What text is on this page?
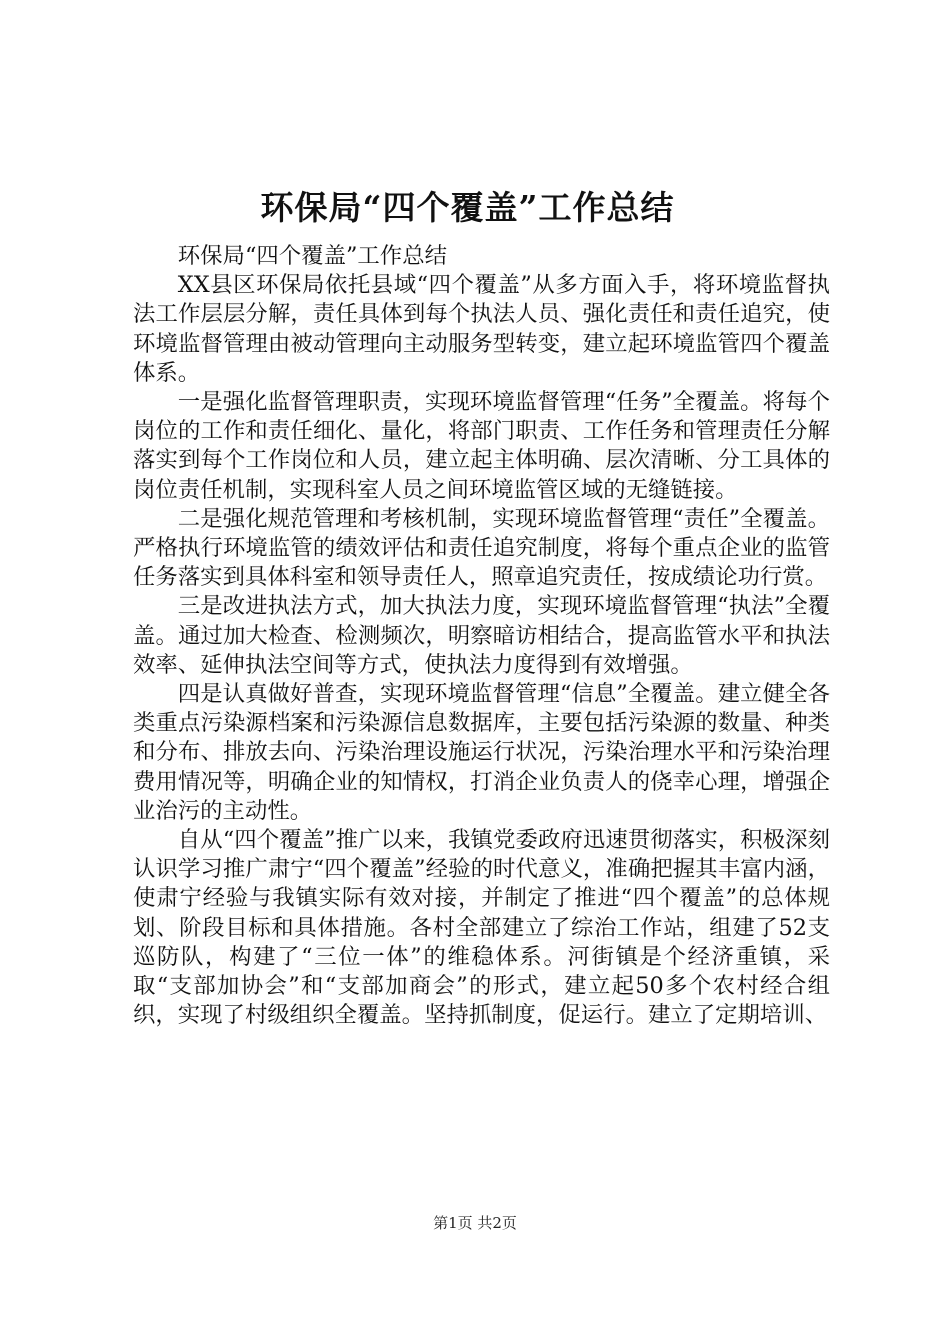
环保局“四个覆盖”工作总结

环保局“四个覆盖”工作总结

XX县区环保局依托县域“四个覆盖”从多方面入手，将环境监督执法工作层层分解，责任具体到每个执法人员、强化责任和责任追究，使环境监督管理由被动管理向主动服务型转变，建立起环境监管四个覆盖体系。

一是强化监督管理职责，实现环境监督管理“任务”全覆盖。将每个岗位的工作和责任细化、量化，将部门职责、工作任务和管理责任分解落实到每个工作岗位和人员，建立起主体明确、层次清晰、分工具体的岗位责任机制，实现科室人员之间环境监管区域的无缝链接。

二是强化规范管理和考核机制，实现环境监督管理“责任”全覆盖。严格执行环境监管的绩效评估和责任追究制度，将每个重点企业的监管任务落实到具体科室和领导责任人，照章追究责任，按成绩论功行赏。

三是改进执法方式，加大执法力度，实现环境监督管理“执法”全覆盖。通过加大检查、检测频次，明察暗访相结合，提高监管水平和执法效率、延伸执法空间等方式，使执法力度得到有效增强。

四是认真做好普查，实现环境监督管理“信息”全覆盖。建立健全各类重点污染源档案和污染源信息数据库，主要包括污染源的数量、种类和分布、排放去向、污染治理设施运行状况，污染治理水平和污染治理费用情况等，明确企业的知情权，打消企业负责人的侥幸心理，增强企业治污的主动性。

自从“四个覆盖”推广以来，我镇党委政府迅速贯彻落实，积极深刻认识学习推广肃宁“四个覆盖”经验的时代意义，准确把握其丰富内涵，使肃宁经验与我镇实际有效对接，并制定了推进“四个覆盖”的总体规划、阶段目标和具体措施。各村全部建立了综治工作站，组建了52支巡防队，构建了“三位一体”的维稳体系。河街镇是个经济重镇，采取“支部加协会”和“支部加商会”的形式，建立起50多个农村经合组织，实现了村级组织全覆盖。坚持抓制度，促运行。建立了定期培训、

第1页 共2页
